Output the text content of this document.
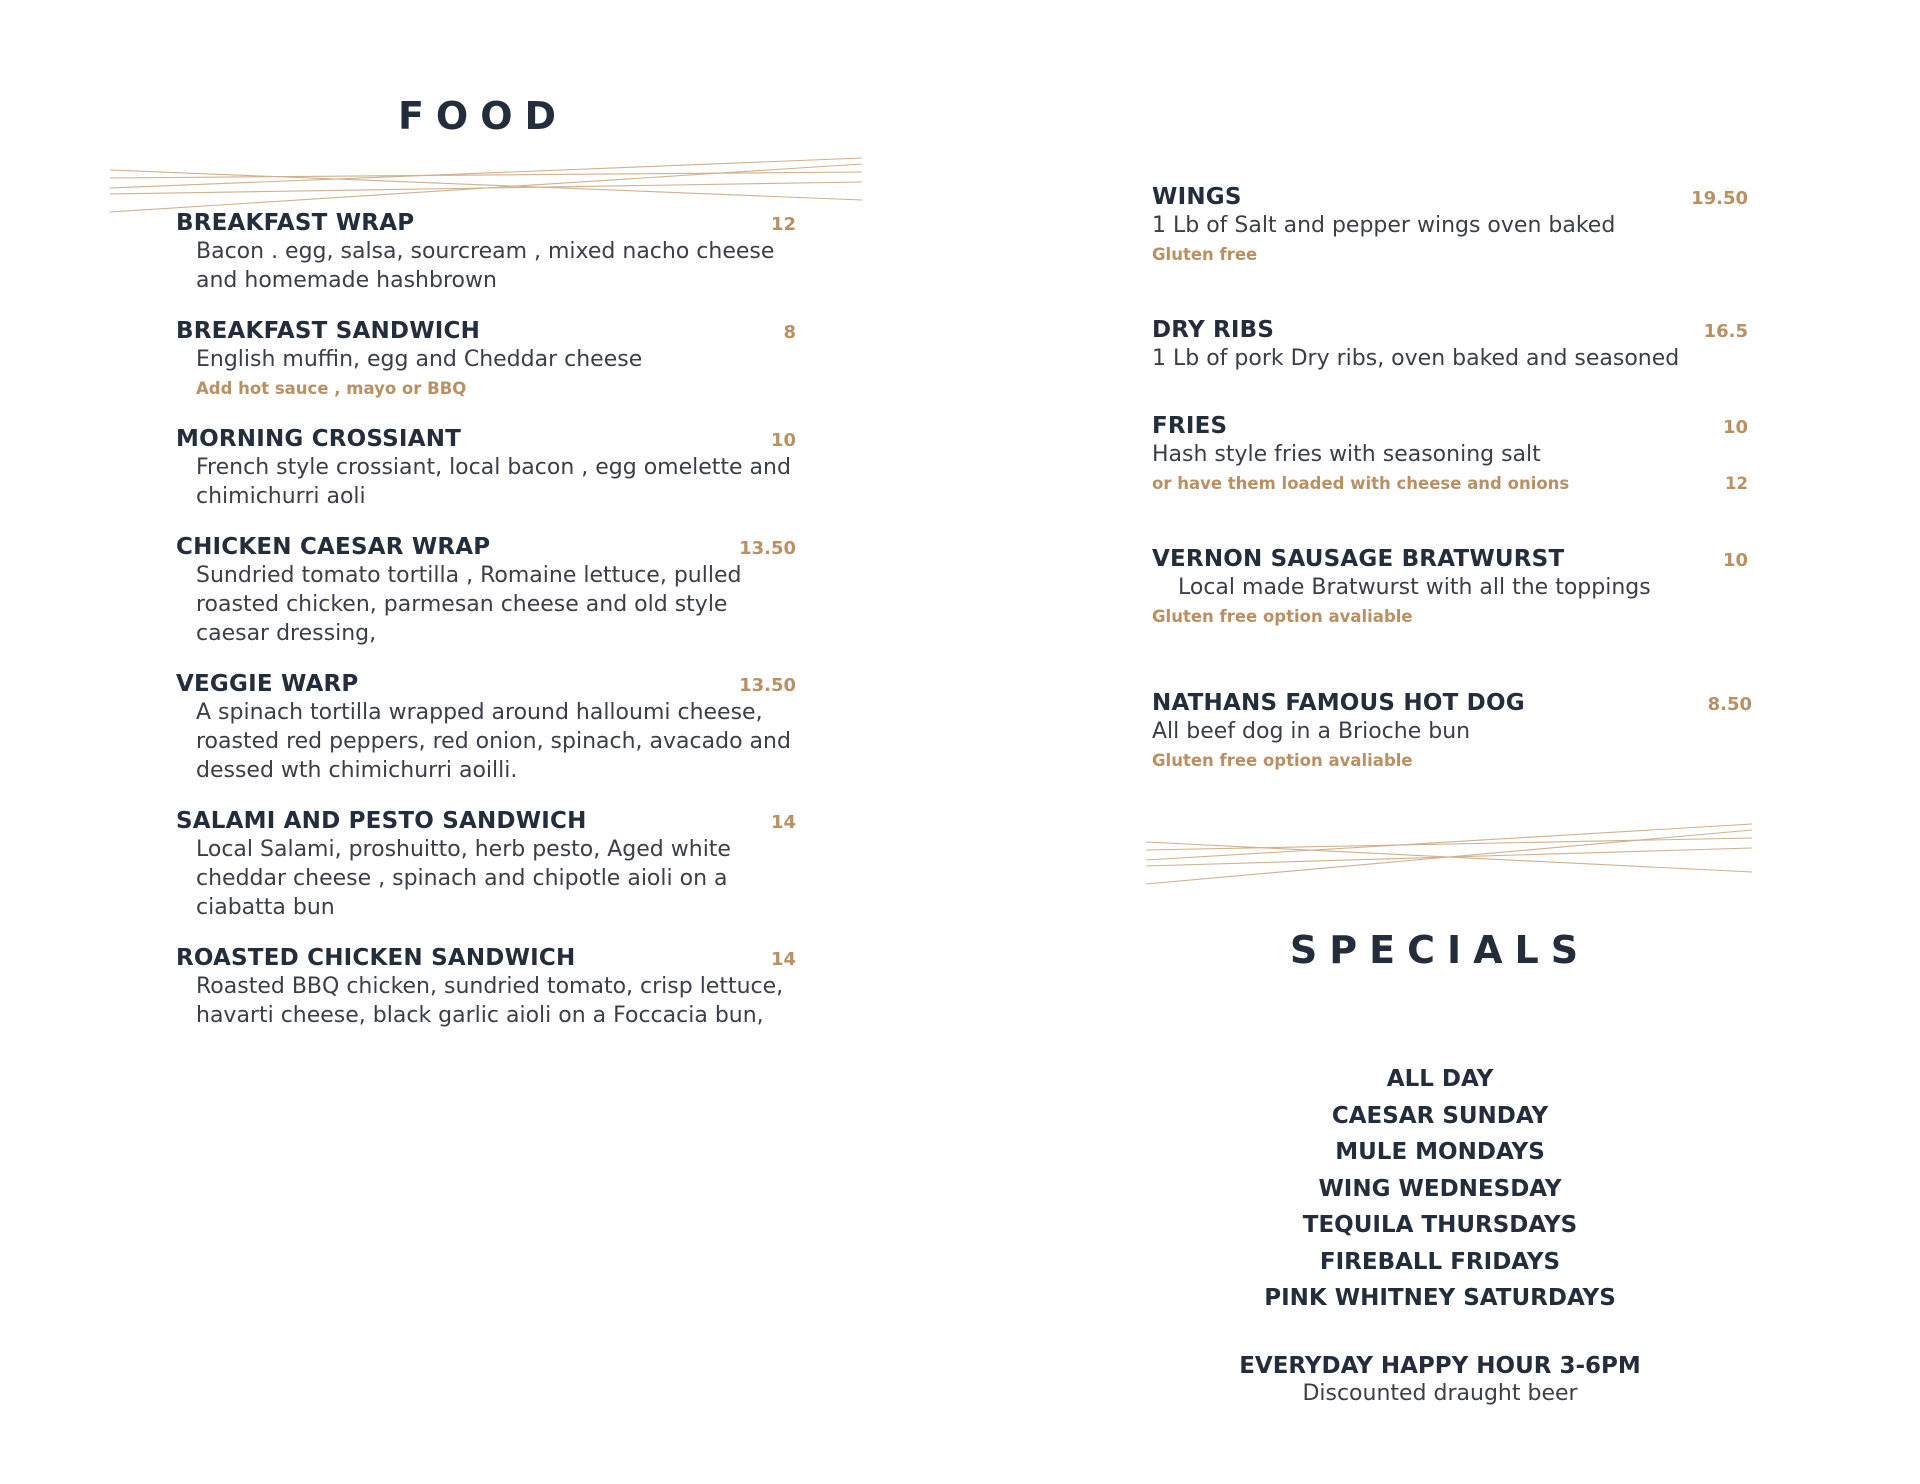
FOOD
BREAKFAST WRAP	12
Bacon . egg, salsa, sourcream , mixed nacho cheese and homemade hashbrown
BREAKFAST SANDWICH	8
English muffin, egg and Cheddar cheese
Add hot sauce , mayo or BBQ
MORNING CROSSIANT	10
French style crossiant, local bacon , egg omelette and chimichurri aoli
CHICKEN CAESAR WRAP	13.50
Sundried tomato tortilla , Romaine lettuce, pulled roasted chicken, parmesan cheese and old style caesar dressing,
VEGGIE WARP	13.50
A spinach tortilla wrapped around halloumi cheese, roasted red peppers, red onion, spinach, avacado and dessed wth chimichurri aoilli.
SALAMI AND PESTO SANDWICH	14
Local Salami, proshuitto, herb pesto, Aged white cheddar cheese , spinach and chipotle aioli on a ciabatta bun
ROASTED CHICKEN SANDWICH	14
Roasted BBQ chicken, sundried tomato, crisp lettuce, havarti cheese, black garlic aioli on a Foccacia bun,
WINGS	19.50
1 Lb of Salt and pepper wings oven baked
Gluten free
DRY RIBS	16.5
1 Lb of pork Dry ribs, oven baked and seasoned
FRIES	10
Hash style fries with seasoning salt
or have them loaded with cheese and onions	12
VERNON SAUSAGE BRATWURST	10
Local made Bratwurst with all the toppings
Gluten free option avaliable
NATHANS FAMOUS HOT DOG	8.50
All beef dog in a Brioche bun
Gluten free option avaliable
SPECIALS
ALL DAY
CAESAR SUNDAY
MULE MONDAYS
WING WEDNESDAY
TEQUILA THURSDAYS
FIREBALL FRIDAYS
PINK WHITNEY SATURDAYS
EVERYDAY HAPPY HOUR 3-6PM
Discounted draught beer
